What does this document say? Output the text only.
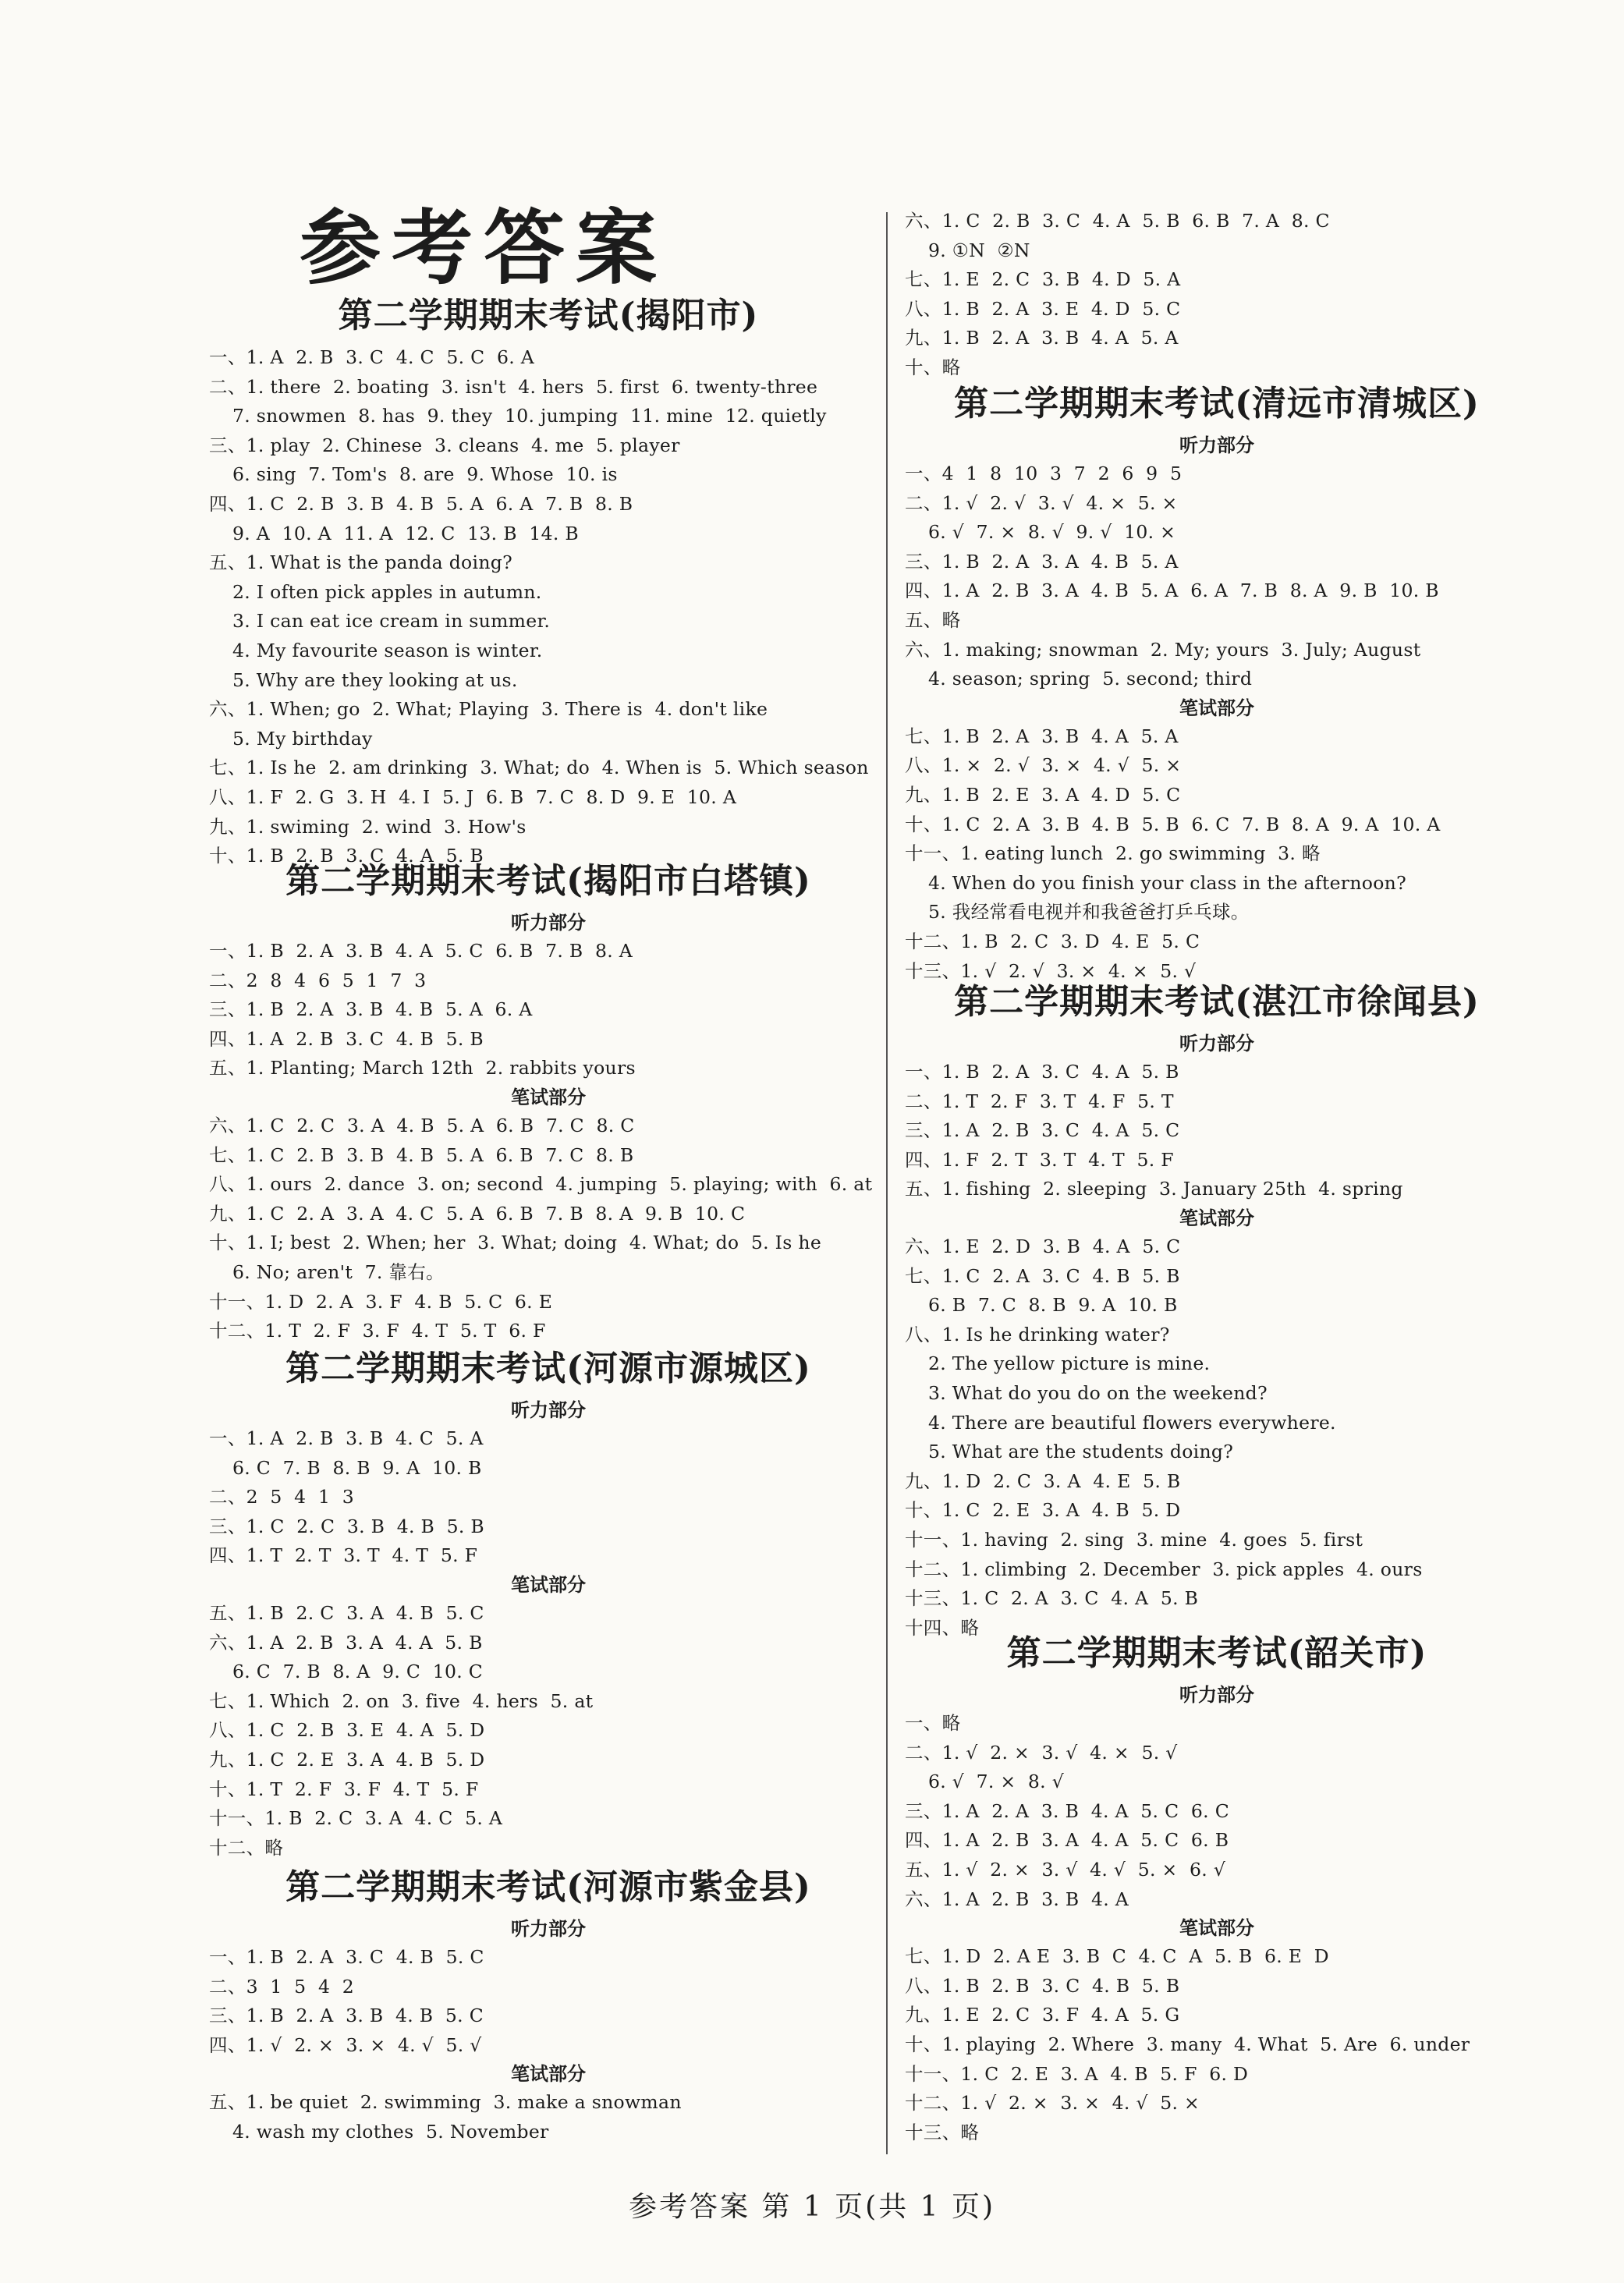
参考答案
第二学期期末考试(揭阳市)
一、1. A  2. B  3. C  4. C  5. C  6. A
二、1. there  2. boating  3. isn't  4. hers  5. first  6. twenty-three
7. snowmen  8. has  9. they  10. jumping  11. mine  12. quietly
三、1. play  2. Chinese  3. cleans  4. me  5. player
6. sing  7. Tom's  8. are  9. Whose  10. is
四、1. C  2. B  3. B  4. B  5. A  6. A  7. B  8. B
9. A  10. A  11. A  12. C  13. B  14. B
五、1. What is the panda doing?
2. I often pick apples in autumn.
3. I can eat ice cream in summer.
4. My favourite season is winter.
5. Why are they looking at us.
六、1. When; go  2. What; Playing  3. There is  4. don't like
5. My birthday
七、1. Is he  2. am drinking  3. What; do  4. When is  5. Which season
八、1. F  2. G  3. H  4. I  5. J  6. B  7. C  8. D  9. E  10. A
九、1. swiming  2. wind  3. How's
十、1. B  2. B  3. C  4. A  5. B
第二学期期末考试(揭阳市白塔镇)
听力部分
一、1. B  2. A  3. B  4. A  5. C  6. B  7. B  8. A
二、2  8  4  6  5  1  7  3
三、1. B  2. A  3. B  4. B  5. A  6. A
四、1. A  2. B  3. C  4. B  5. B
五、1. Planting; March 12th  2. rabbits yours
笔试部分
六、1. C  2. C  3. A  4. B  5. A  6. B  7. C  8. C
七、1. C  2. B  3. B  4. B  5. A  6. B  7. C  8. B
八、1. ours  2. dance  3. on; second  4. jumping  5. playing; with  6. at
九、1. C  2. A  3. A  4. C  5. A  6. B  7. B  8. A  9. B  10. C
十、1. I; best  2. When; her  3. What; doing  4. What; do  5. Is he
6. No; aren't  7. 靠右。
十一、1. D  2. A  3. F  4. B  5. C  6. E
十二、1. T  2. F  3. F  4. T  5. T  6. F
第二学期期末考试(河源市源城区)
听力部分
一、1. A  2. B  3. B  4. C  5. A
6. C  7. B  8. B  9. A  10. B
二、2  5  4  1  3
三、1. C  2. C  3. B  4. B  5. B
四、1. T  2. T  3. T  4. T  5. F
笔试部分
五、1. B  2. C  3. A  4. B  5. C
六、1. A  2. B  3. A  4. A  5. B
6. C  7. B  8. A  9. C  10. C
七、1. Which  2. on  3. five  4. hers  5. at
八、1. C  2. B  3. E  4. A  5. D
九、1. C  2. E  3. A  4. B  5. D
十、1. T  2. F  3. F  4. T  5. F
十一、1. B  2. C  3. A  4. C  5. A
十二、略
第二学期期末考试(河源市紫金县)
听力部分
一、1. B  2. A  3. C  4. B  5. C
二、3  1  5  4  2
三、1. B  2. A  3. B  4. B  5. C
四、1. √  2. ×  3. ×  4. √  5. √
笔试部分
五、1. be quiet  2. swimming  3. make a snowman
4. wash my clothes  5. November
六、1. C  2. B  3. C  4. A  5. B  6. B  7. A  8. C
9. ①N  ②N
七、1. E  2. C  3. B  4. D  5. A
八、1. B  2. A  3. E  4. D  5. C
九、1. B  2. A  3. B  4. A  5. A
十、略
第二学期期末考试(清远市清城区)
听力部分
一、4  1  8  10  3  7  2  6  9  5
二、1. √  2. √  3. √  4. ×  5. ×
6. √  7. ×  8. √  9. √  10. ×
三、1. B  2. A  3. A  4. B  5. A
四、1. A  2. B  3. A  4. B  5. A  6. A  7. B  8. A  9. B  10. B
五、略
六、1. making; snowman  2. My; yours  3. July; August
4. season; spring  5. second; third
笔试部分
七、1. B  2. A  3. B  4. A  5. A
八、1. ×  2. √  3. ×  4. √  5. ×
九、1. B  2. E  3. A  4. D  5. C
十、1. C  2. A  3. B  4. B  5. B  6. C  7. B  8. A  9. A  10. A
十一、1. eating lunch  2. go swimming  3. 略
4. When do you finish your class in the afternoon?
5. 我经常看电视并和我爸爸打乒乓球。
十二、1. B  2. C  3. D  4. E  5. C
十三、1. √  2. √  3. ×  4. ×  5. √
第二学期期末考试(湛江市徐闻县)
听力部分
一、1. B  2. A  3. C  4. A  5. B
二、1. T  2. F  3. T  4. F  5. T
三、1. A  2. B  3. C  4. A  5. C
四、1. F  2. T  3. T  4. T  5. F
五、1. fishing  2. sleeping  3. January 25th  4. spring
笔试部分
六、1. E  2. D  3. B  4. A  5. C
七、1. C  2. A  3. C  4. B  5. B
6. B  7. C  8. B  9. A  10. B
八、1. Is he drinking water?
2. The yellow picture is mine.
3. What do you do on the weekend?
4. There are beautiful flowers everywhere.
5. What are the students doing?
九、1. D  2. C  3. A  4. E  5. B
十、1. C  2. E  3. A  4. B  5. D
十一、1. having  2. sing  3. mine  4. goes  5. first
十二、1. climbing  2. December  3. pick apples  4. ours
十三、1. C  2. A  3. C  4. A  5. B
十四、略
第二学期期末考试(韶关市)
听力部分
一、略
二、1. √  2. ×  3. √  4. ×  5. √
6. √  7. ×  8. √
三、1. A  2. A  3. B  4. A  5. C  6. C
四、1. A  2. B  3. A  4. A  5. C  6. B
五、1. √  2. ×  3. √  4. √  5. ×  6. √
六、1. A  2. B  3. B  4. A
笔试部分
七、1. D  2. A E  3. B  C  4. C  A  5. B  6. E  D
八、1. B  2. B  3. C  4. B  5. B
九、1. E  2. C  3. F  4. A  5. G
十、1. playing  2. Where  3. many  4. What  5. Are  6. under
十一、1. C  2. E  3. A  4. B  5. F  6. D
十二、1. √  2. ×  3. ×  4. √  5. ×
十三、略
参考答案 第 1 页(共 1 页)
